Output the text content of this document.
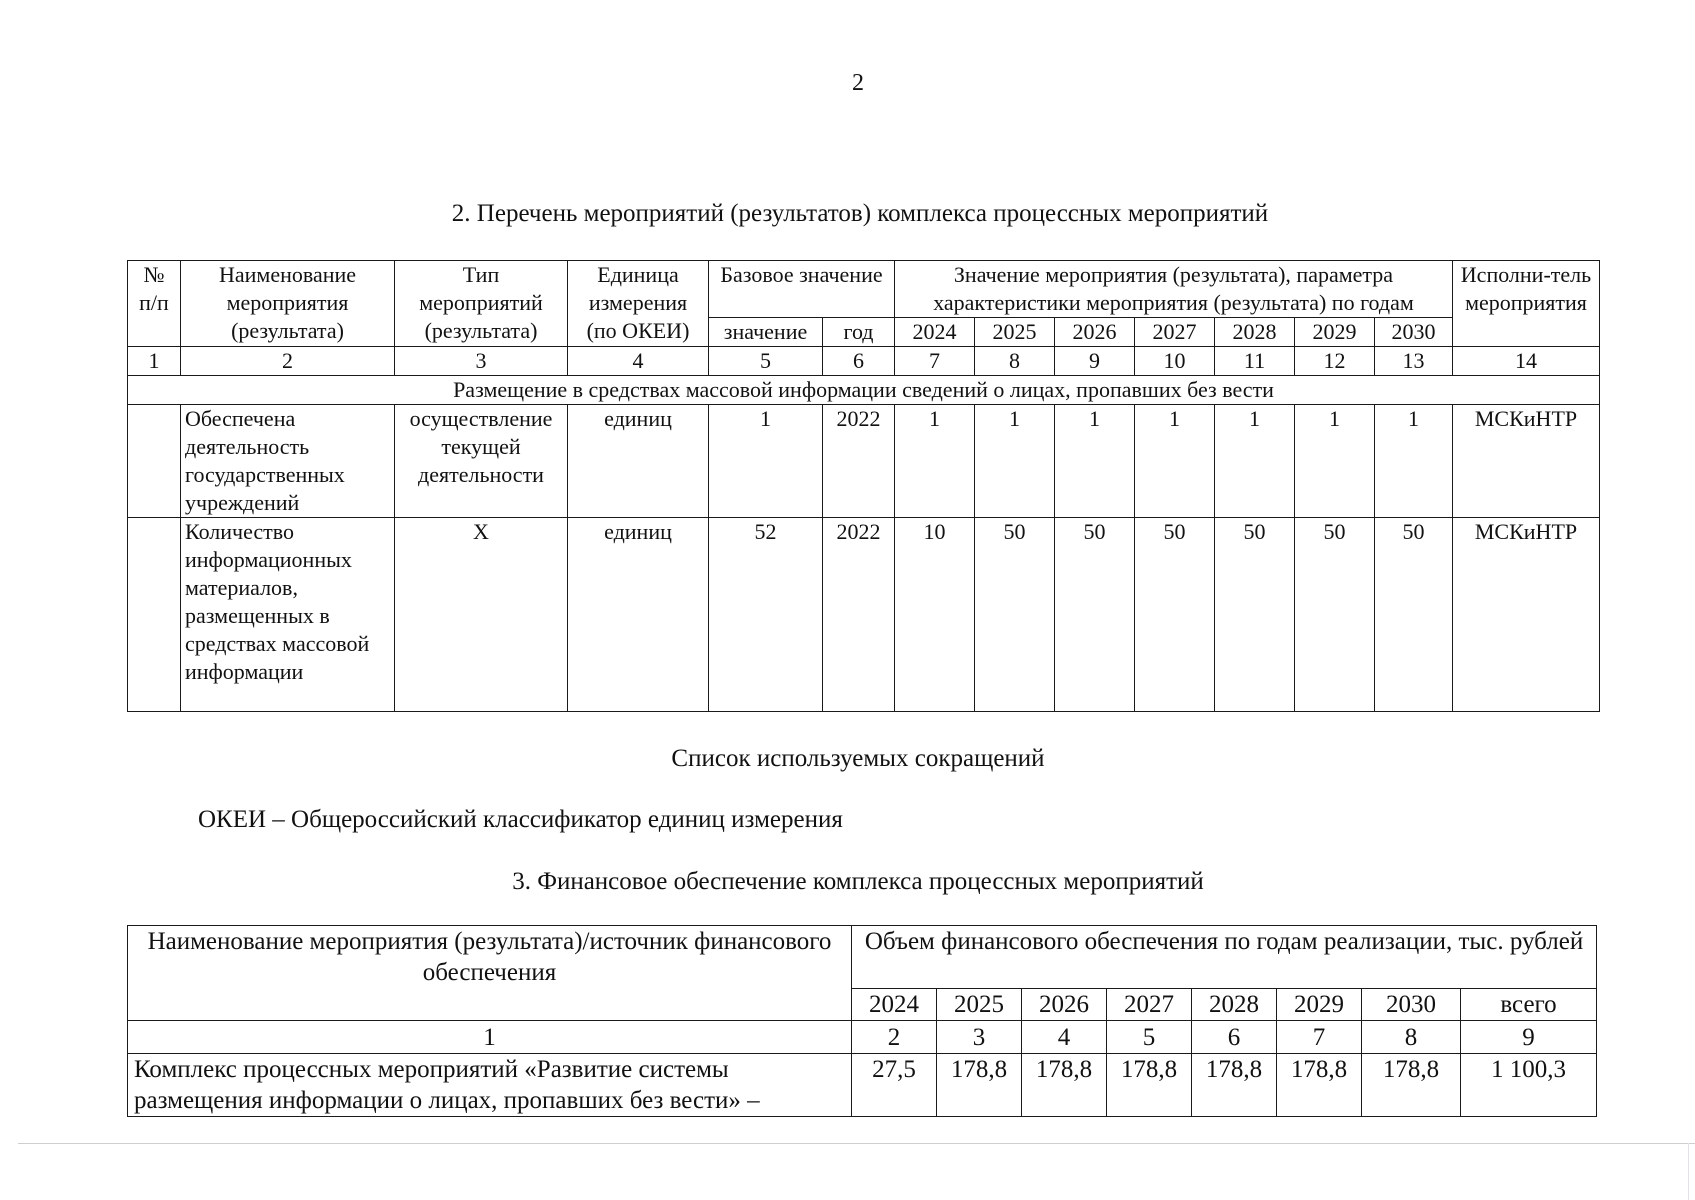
2
2. Перечень мероприятий (результатов) комплекса процессных мероприятий
№ п/п	Наименование мероприятия (результата)	Тип мероприятий (результата)	Единица измерения (по ОКЕИ)	Базовое значение		Значение мероприятия (результата), параметра характеристики мероприятия (результата) по годам							Исполни-тель мероприятия
				значение	год	2024	2025	2026	2027	2028	2029	2030	
1	2	3	4	5	6	7	8	9	10	11	12	13	14
Размещение в средствах массовой информации сведений о лицах, пропавших без вести													
	Обеспечена деятельность государственных учреждений	осуществление текущей деятельности	единиц	1	2022	1	1	1	1	1	1	1	МСКиНТР
	Количество информационных материалов, размещенных в средствах массовой информации	Х	единиц	52	2022	10	50	50	50	50	50	50	МСКиНТР
Список используемых сокращений
ОКЕИ – Общероссийский классификатор единиц измерения
3. Финансовое обеспечение комплекса процессных мероприятий
Наименование мероприятия (результата)/источник финансового обеспечения	Объем финансового обеспечения по годам реализации, тыс. рублей							
	2024	2025	2026	2027	2028	2029	2030	всего
1	2	3	4	5	6	7	8	9
Комплекс процессных мероприятий «Развитие системы размещения информации о лицах, пропавших без вести» –	27,5	178,8	178,8	178,8	178,8	178,8	178,8	1 100,3
